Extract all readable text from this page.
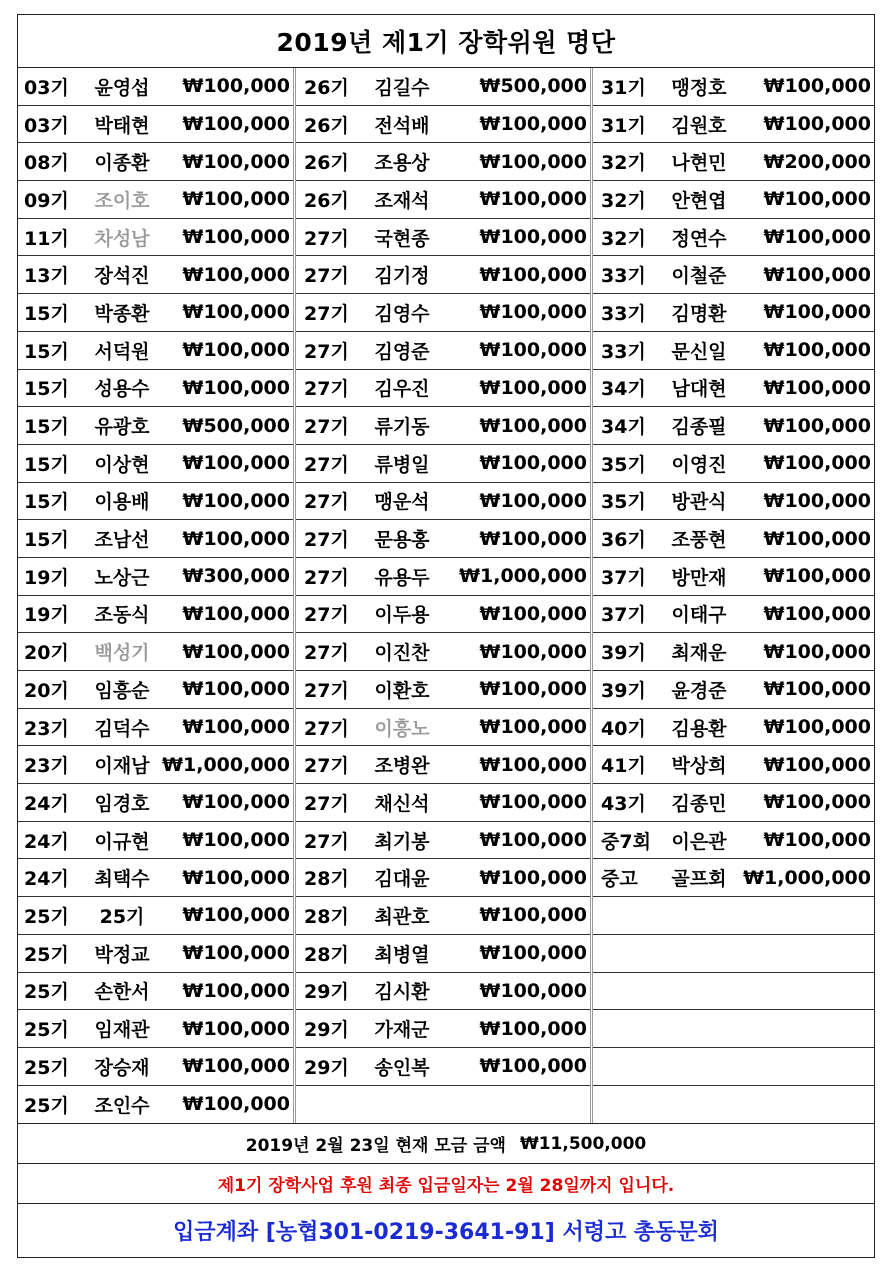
2019년 제1기 장학위원 명단
03기	윤영섭	₩100,000
03기	박태현	₩100,000
08기	이종환	₩100,000
09기	조이호	₩100,000
11기	차성남	₩100,000
13기	장석진	₩100,000
15기	박종환	₩100,000
15기	서덕원	₩100,000
15기	성용수	₩100,000
15기	유광호	₩500,000
15기	이상현	₩100,000
15기	이용배	₩100,000
15기	조남선	₩100,000
19기	노상근	₩300,000
19기	조동식	₩100,000
20기	백성기	₩100,000
20기	임흥순	₩100,000
23기	김덕수	₩100,000
23기	이재남 ₩1,000,000
24기	임경호	₩100,000
24기	이규현	₩100,000
24기	최택수	₩100,000
25기	25기	₩100,000
25기	박정교	₩100,000
25기	손한서	₩100,000
25기	임재관	₩100,000
25기	장승재	₩100,000
25기	조인수	₩100,000
26기	김길수	₩500,000
26기	전석배	₩100,000
26기	조용상	₩100,000
26기	조재석	₩100,000
27기	국현종	₩100,000
27기	김기정	₩100,000
27기	김영수	₩100,000
27기	김영준	₩100,000
27기	김우진	₩100,000
27기	류기동	₩100,000
27기	류병일	₩100,000
27기	맹운석	₩100,000
27기	문용홍	₩100,000
27기	유용두	₩1,000,000
27기	이두용	₩100,000
27기	이진찬	₩100,000
27기	이환호	₩100,000
27기	이흥노	₩100,000
27기	조병완	₩100,000
27기	채신석	₩100,000
27기	최기봉	₩100,000
28기	김대윤	₩100,000
28기	최관호	₩100,000
28기	최병열	₩100,000
29기	김시환	₩100,000
29기	가재군	₩100,000
29기	송인복	₩100,000
31기	맹정호	₩100,000
31기	김원호	₩100,000
32기	나현민	₩200,000
32기	안현엽	₩100,000
32기	정연수	₩100,000
33기	이철준	₩100,000
33기	김명환	₩100,000
33기	문신일	₩100,000
34기	남대현	₩100,000
34기	김종필	₩100,000
35기	이영진	₩100,000
35기	방관식	₩100,000
36기	조풍현	₩100,000
37기	방만재	₩100,000
37기	이태구	₩100,000
39기	최재운	₩100,000
39기	윤경준	₩100,000
40기	김용환	₩100,000
41기	박상희	₩100,000
43기	김종민	₩100,000
중7회	이은관	₩100,000
중고	골프회 ₩1,000,000
2019년 2월 23일 현재 모금 금액 ₩11,500,000
제1기 장학사업 후원 최종 입금일자는 2월 28일까지 입니다.
입금계좌 [농협301-0219-3641-91] 서령고 총동문회
